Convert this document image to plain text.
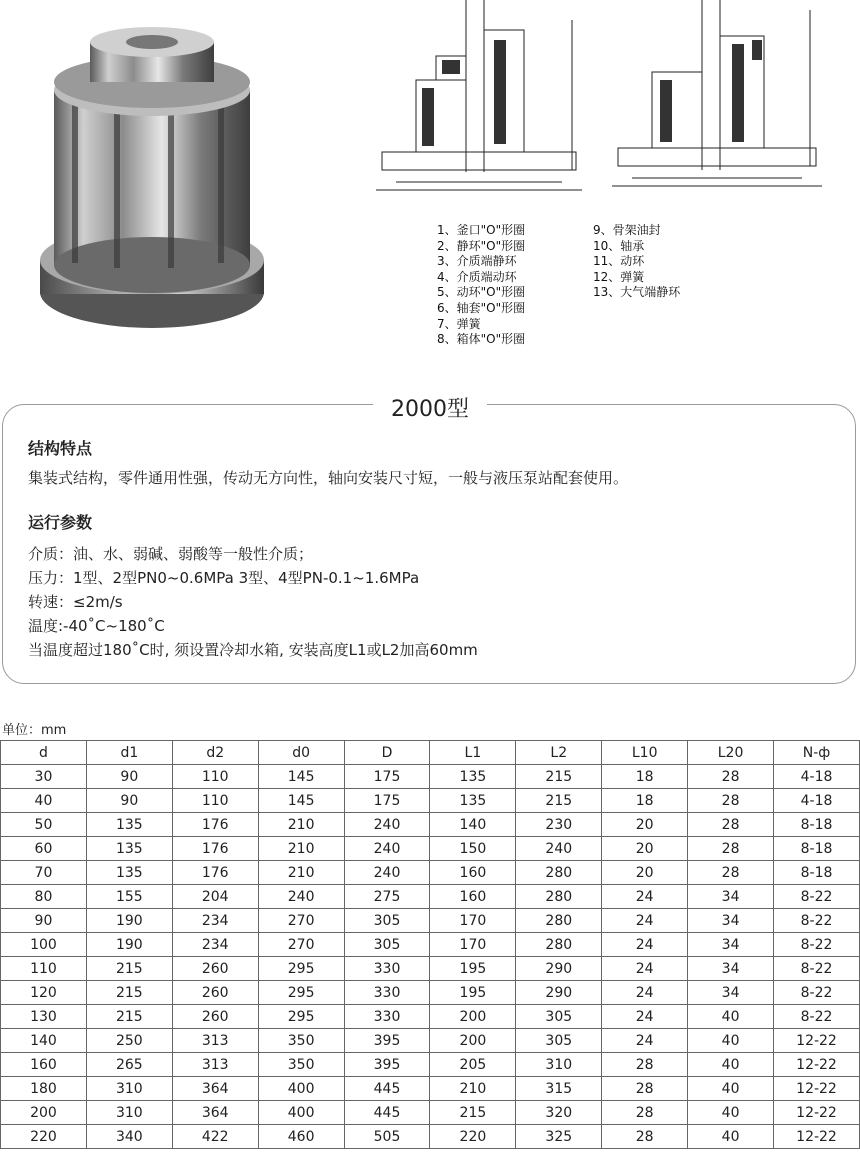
1、釜口"O"形圈
2、静环"O"形圈
3、介质端静环
4、介质端动环
5、动环"O"形圈
6、轴套"O"形圈
7、弹簧
8、箱体"O"形圈
9、骨架油封
10、轴承
11、动环
12、弹簧
13、大气端静环
2000型
结构特点
集装式结构，零件通用性强，传动无方向性，轴向安装尺寸短，一般与液压泵站配套使用。
运行参数
介质：油、水、弱碱、弱酸等一般性介质；
压力：1型、2型PN0~0.6MPa 3型、4型PN-0.1~1.6MPa
转速：≤2m/s
温度:-40˚C~180˚C
当温度超过180˚C时, 须设置冷却水箱, 安装高度L1或L2加高60mm
单位：mm
d	d1	d2	d0	D	L1	L2	L10	L20	N-ф
30	90	110	145	175	135	215	18	28	4-18
40	90	110	145	175	135	215	18	28	4-18
50	135	176	210	240	140	230	20	28	8-18
60	135	176	210	240	150	240	20	28	8-18
70	135	176	210	240	160	280	20	28	8-18
80	155	204	240	275	160	280	24	34	8-22
90	190	234	270	305	170	280	24	34	8-22
100	190	234	270	305	170	280	24	34	8-22
110	215	260	295	330	195	290	24	34	8-22
120	215	260	295	330	195	290	24	34	8-22
130	215	260	295	330	200	305	24	40	8-22
140	250	313	350	395	200	305	24	40	12-22
160	265	313	350	395	205	310	28	40	12-22
180	310	364	400	445	210	315	28	40	12-22
200	310	364	400	445	215	320	28	40	12-22
220	340	422	460	505	220	325	28	40	12-22
